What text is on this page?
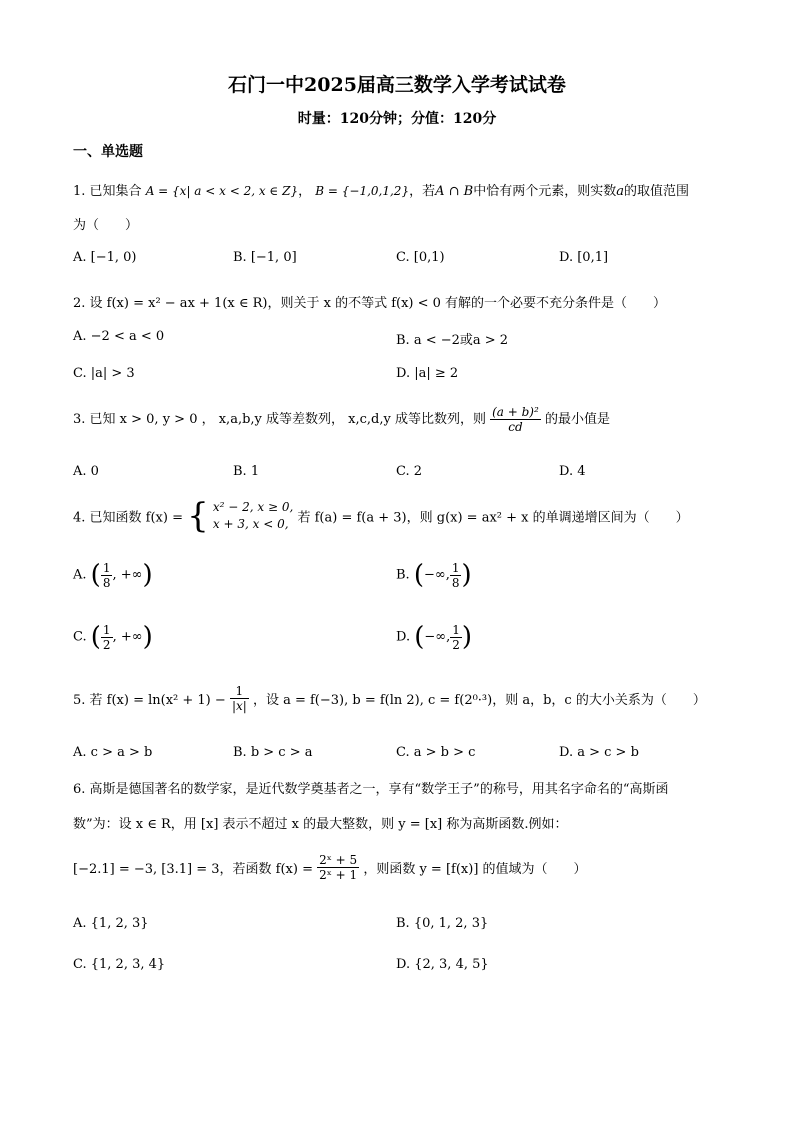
石门一中2025届高三数学入学考试试卷
时量：120分钟；分值：120分
一、单选题
1. 已知集合 A = {x| a < x < 2, x ∈ Z}， B = {−1,0,1,2}，若A ∩ B中恰有两个元素，则实数a的取值范围
为（　　）
A. [−1, 0)	B. [−1, 0]	C. [0,1)	D. [0,1]
2. 设 f(x) = x² − ax + 1(x ∈ R)，则关于 x 的不等式 f(x) < 0 有解的一个必要不充分条件是（　　）
A. −2 < a < 0	B. a < −2或a > 2
C. |a| > 3	D. |a| ≥ 2
3. 已知 x > 0, y > 0 ， x,a,b,y 成等差数列， x,c,d,y 成等比数列，则 $\frac{\text{(a + b)²}}{cd}$ 的最小值是
A. 0	B. 1	C. 2	D. 4
4. 已知函数 f(x) = { x² − 2, x ≥ 0,
x + 3, x < 0, 若 f(a) = f(a + 3)，则 g(x) = ax² + x 的单调递增区间为（　　）
A. ( $\frac{1}{8}$ , +∞)	B. (−∞, $\frac{1}{8}$ )
C. ( $\frac{1}{2}$ , +∞)	D. (−∞, $\frac{1}{2}$ )
5. 若 $f(x) = \ln(x^2 + 1) - \frac{1}{|x|}$ ，设 a = f(−3), b = f(ln 2), c = f(2⁰·³)，则 a，b，c 的大小关系为（　　）
A. c > a > b	B. b > c > a	C. a > b > c	D. a > c > b
6. 高斯是德国著名的数学家，是近代数学奠基者之一，享有“数学王子”的称号，用其名字命名的“高斯函
数”为：设 x ∈ R，用 [x] 表示不超过 x 的最大整数，则 y = [x] 称为高斯函数.例如：
[−2.1] = −3, [3.1] = 3，若函数 $f(x) = \frac{\text{2ˣ + 5}}{\text{2ˣ + 1}}$ ，则函数 y = [f(x)] 的值域为（　　）
A. {1, 2, 3}	B. {0, 1, 2, 3}
C. {1, 2, 3, 4}	D. {2, 3, 4, 5}
